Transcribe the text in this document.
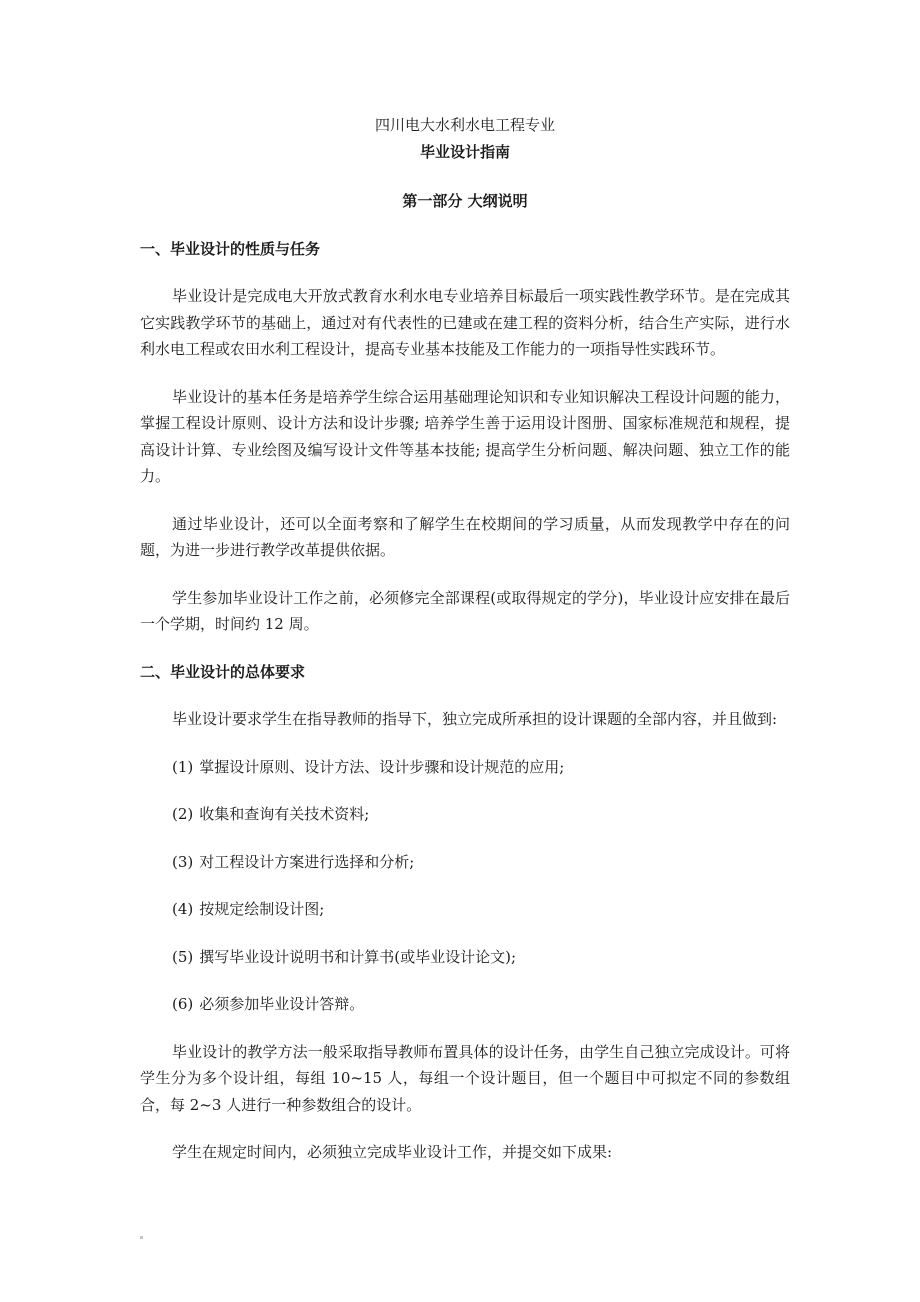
四川电大水利水电工程专业
毕业设计指南
第一部分 大纲说明
一、毕业设计的性质与任务

毕业设计是完成电大开放式教育水利水电专业培养目标最后一项实践性教学环节。是在完成其它实践教学环节的基础上，通过对有代表性的已建或在建工程的资料分析，结合生产实际，进行水利水电工程或农田水利工程设计，提高专业基本技能及工作能力的一项指导性实践环节。

毕业设计的基本任务是培养学生综合运用基础理论知识和专业知识解决工程设计问题的能力，掌握工程设计原则、设计方法和设计步骤; 培养学生善于运用设计图册、国家标准规范和规程，提高设计计算、专业绘图及编写设计文件等基本技能; 提高学生分析问题、解决问题、独立工作的能力。

通过毕业设计，还可以全面考察和了解学生在校期间的学习质量，从而发现教学中存在的问题，为进一步进行教学改革提供依据。

学生参加毕业设计工作之前，必须修完全部课程(或取得规定的学分)，毕业设计应安排在最后一个学期，时间约 12 周。

二、毕业设计的总体要求

毕业设计要求学生在指导教师的指导下，独立完成所承担的设计课题的全部内容，并且做到:

(1) 掌握设计原则、设计方法、设计步骤和设计规范的应用;
(2) 收集和查询有关技术资料;
(3) 对工程设计方案进行选择和分析;
(4) 按规定绘制设计图;
(5) 撰写毕业设计说明书和计算书(或毕业设计论文);
(6) 必须参加毕业设计答辩。

毕业设计的教学方法一般采取指导教师布置具体的设计任务，由学生自己独立完成设计。可将学生分为多个设计组，每组 10~15 人，每组一个设计题目，但一个题目中可拟定不同的参数组合，每 2~3 人进行一种参数组合的设计。

学生在规定时间内，必须独立完成毕业设计工作，并提交如下成果:
